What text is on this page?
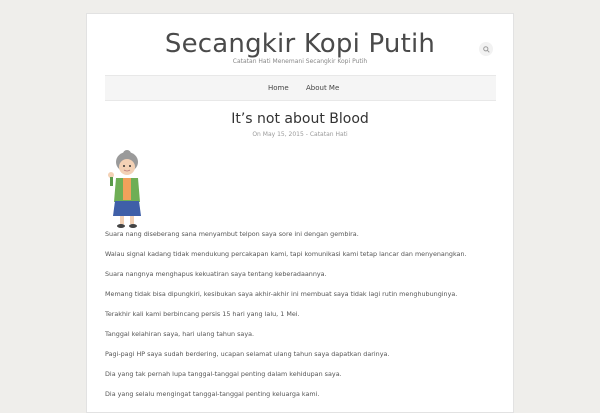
Secangkir Kopi Putih
Catatan Hati Menemani Secangkir Kopi Putih
Home About Me
It’s not about Blood
On May 15, 2015 - Catatan Hati

Suara nang diseberang sana menyambut telpon saya sore ini dengan gembira.

Walau signal kadang tidak mendukung percakapan kami, tapi komunikasi kami tetap lancar dan menyenangkan.

Suara nangnya menghapus kekuatiran saya tentang keberadaannya.

Memang tidak bisa dipungkiri, kesibukan saya akhir-akhir ini membuat saya tidak lagi rutin menghubunginya.

Terakhir kali kami berbincang persis 15 hari yang lalu, 1 Mei.

Tanggal kelahiran saya, hari ulang tahun saya.

Pagi-pagi HP saya sudah berdering, ucapan selamat ulang tahun saya dapatkan darinya.

Dia yang tak pernah lupa tanggal-tanggal penting dalam kehidupan saya.

Dia yang selalu mengingat tanggal-tanggal penting keluarga kami.
